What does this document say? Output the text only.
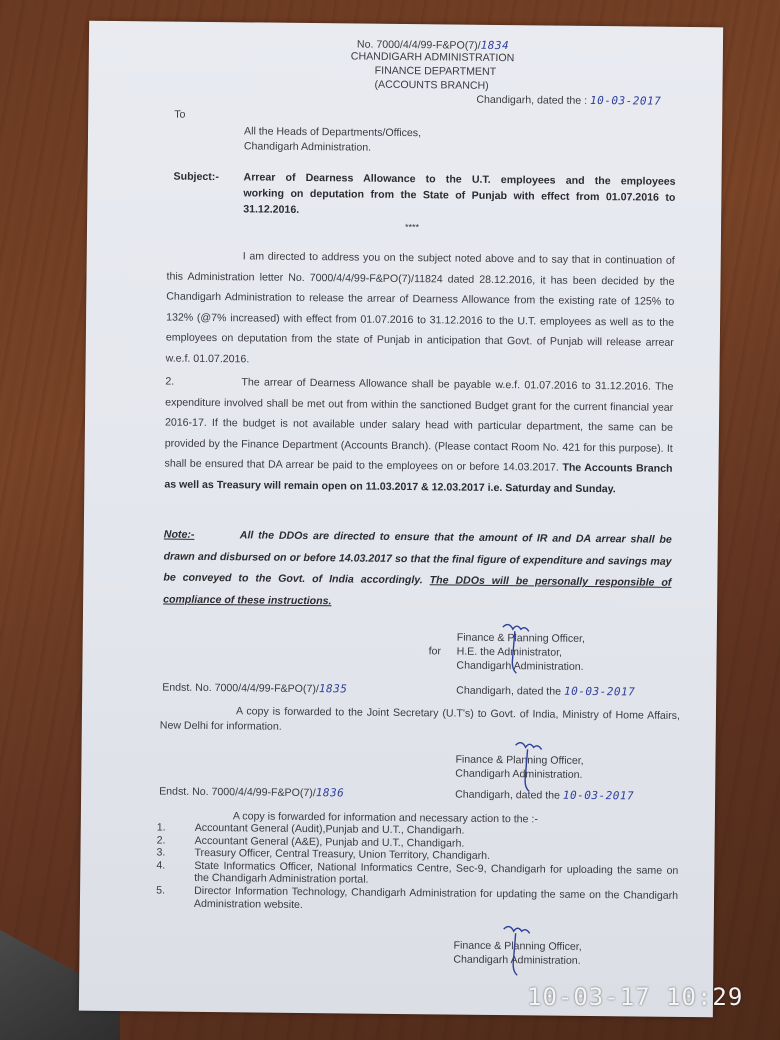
No. 7000/4/4/99-F&PO(7)/1834
CHANDIGARH ADMINISTRATION
FINANCE DEPARTMENT
(ACCOUNTS BRANCH)
Chandigarh, dated the : 10-03-2017
To
All the Heads of Departments/Offices,
Chandigarh Administration.
Subject:- Arrear of Dearness Allowance to the U.T. employees and the employees
working on deputation from the State of Punjab with effect from 01.07.2016 to
31.12.2016.
****
I am directed to address you on the subject noted above and to say that in continuation of this Administration letter No. 7000/4/4/99-F&PO(7)/11824 dated 28.12.2016, it has been decided by the Chandigarh Administration to release the arrear of Dearness Allowance from the existing rate of 125% to 132% (@7% increased) with effect from 01.07.2016 to 31.12.2016 to the U.T. employees as well as to the employees on deputation from the state of Punjab in anticipation that Govt. of Punjab will release arrear w.e.f. 01.07.2016.
2.	The arrear of Dearness Allowance shall be payable w.e.f. 01.07.2016 to 31.12.2016. The expenditure involved shall be met out from within the sanctioned Budget grant for the current financial year 2016-17. If the budget is not available under salary head with particular department, the same can be provided by the Finance Department (Accounts Branch). (Please contact Room No. 421 for this purpose). It shall be ensured that DA arrear be paid to the employees on or before 14.03.2017. The Accounts Branch as well as Treasury will remain open on 11.03.2017 & 12.03.2017 i.e. Saturday and Sunday.
Note:-	All the DDOs are directed to ensure that the amount of IR and DA arrear shall be drawn and disbursed on or before 14.03.2017 so that the final figure of expenditure and savings may be conveyed to the Govt. of India accordingly. The DDOs will be personally responsible of compliance of these instructions.
Finance & Planning Officer,
for H.E. the Administrator,
Chandigarh Administration.
Endst. No. 7000/4/4/99-F&PO(7)/1835	Chandigarh, dated the 10-03-2017
A copy is forwarded to the Joint Secretary (U.T's) to Govt. of India, Ministry of Home Affairs, New Delhi for information.
Finance & Planning Officer,
Chandigarh Administration.
Endst. No. 7000/4/4/99-F&PO(7)/1836	Chandigarh, dated the 10-03-2017
A copy is forwarded for information and necessary action to the :-
1.	Accountant General (Audit),Punjab and U.T., Chandigarh.
2.	Accountant General (A&E), Punjab and U.T., Chandigarh.
3.	Treasury Officer, Central Treasury, Union Territory, Chandigarh.
4.	State Informatics Officer, National Informatics Centre, Sec-9, Chandigarh for uploading the same on the Chandigarh Administration portal.
5.	Director Information Technology, Chandigarh Administration for updating the same on the Chandigarh Administration website.
Finance & Planning Officer,
Chandigarh Administration.
10-03-17 10:29
